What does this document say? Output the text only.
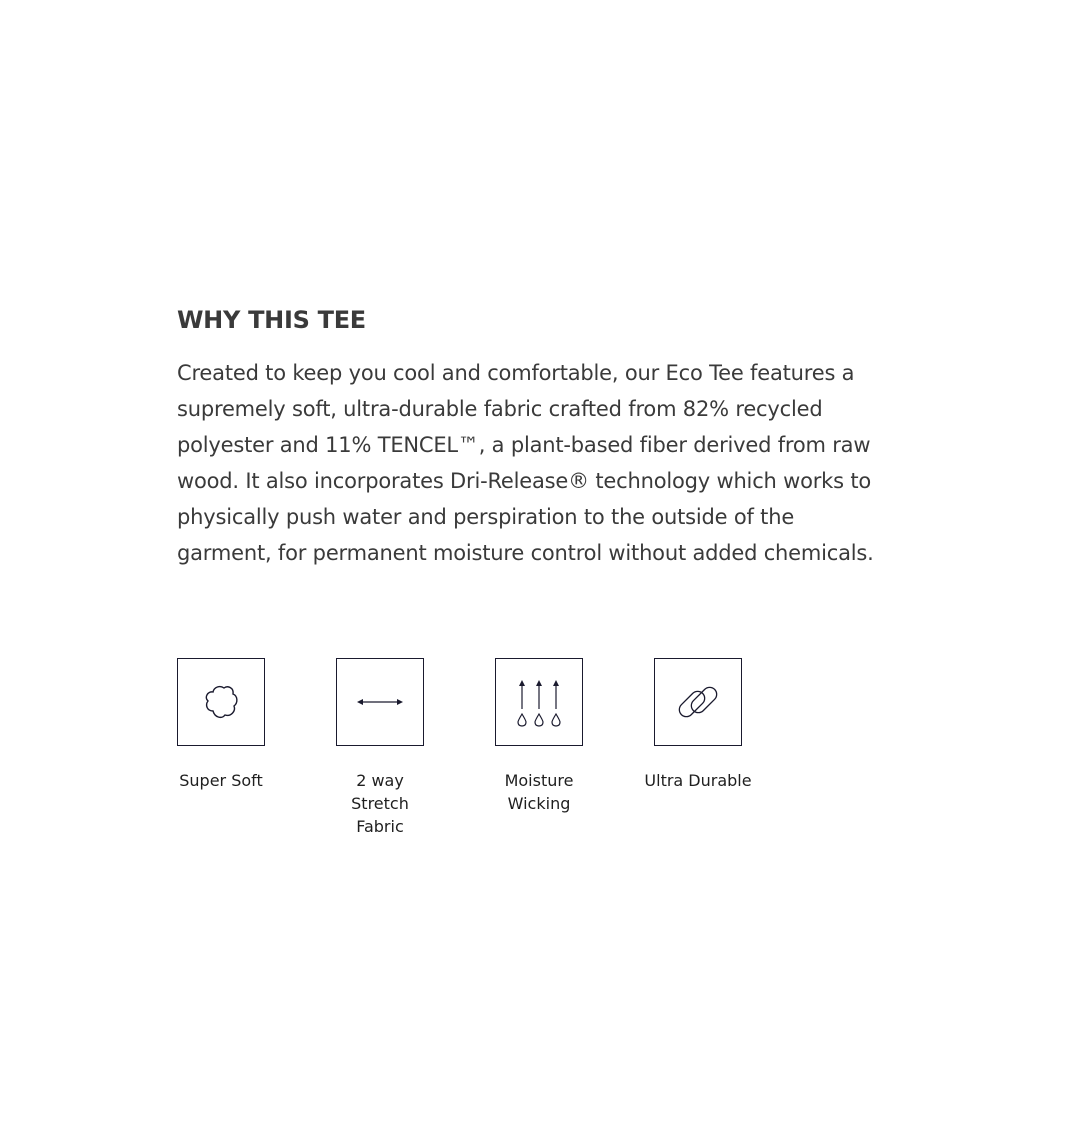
WHY THIS TEE

Created to keep you cool and comfortable, our Eco Tee features a supremely soft, ultra-durable fabric crafted from 82% recycled polyester and 11% TENCEL™, a plant-based fiber derived from raw wood. It also incorporates Dri-Release® technology which works to physically push water and perspiration to the outside of the garment, for permanent moisture control without added chemicals.

Super Soft	2 way Stretch Fabric
Moisture Wicking
Ultra Durable
